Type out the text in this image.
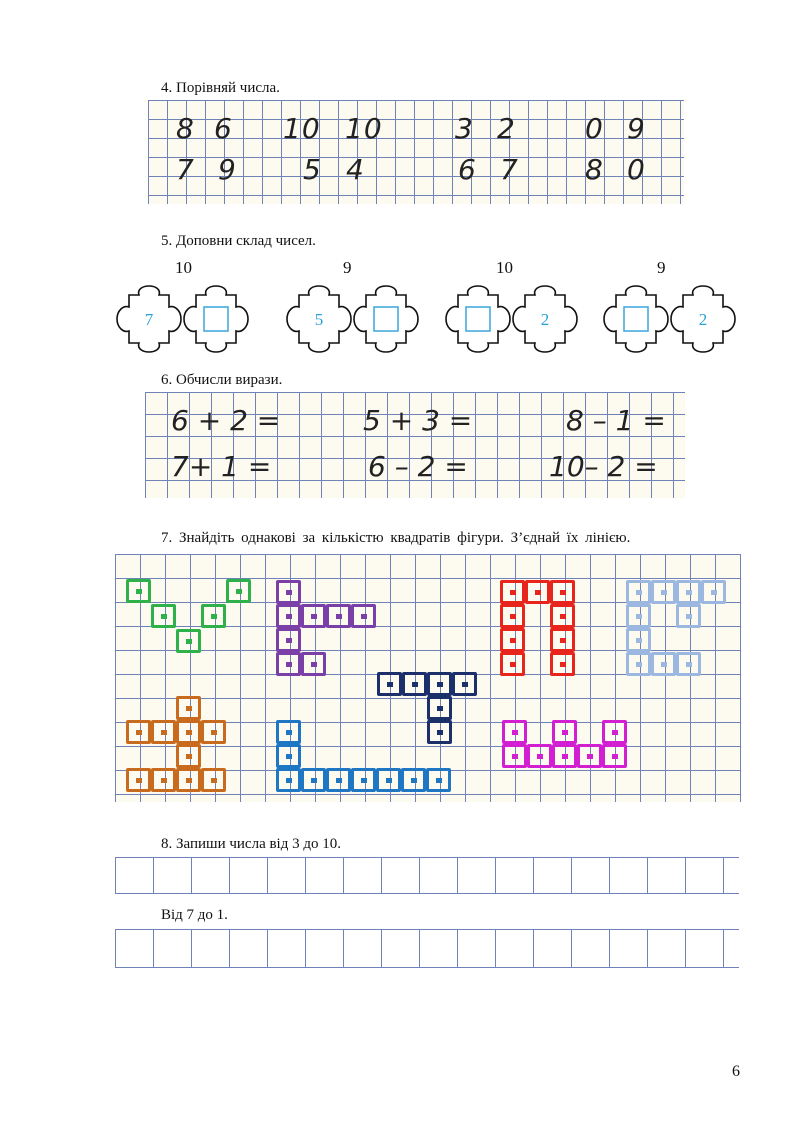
4. Порівняй числа.
8 6 10 10	3 2 0 9
7 9 5 4	6 7 8 0
5. Доповни склад чисел.
10	9	10	9
7	5	2	2
6. Обчисли вирази.
6 + 2 =	5 + 3 =	8 – 1 =
7+ 1 =	6 – 2 =	10– 2 =
7. Знайдіть однакові за кількістю квадратів фігури. З’єднай їх лінією.
8. Запиши числа від 3 до 10.
Від 7 до 1.
6
